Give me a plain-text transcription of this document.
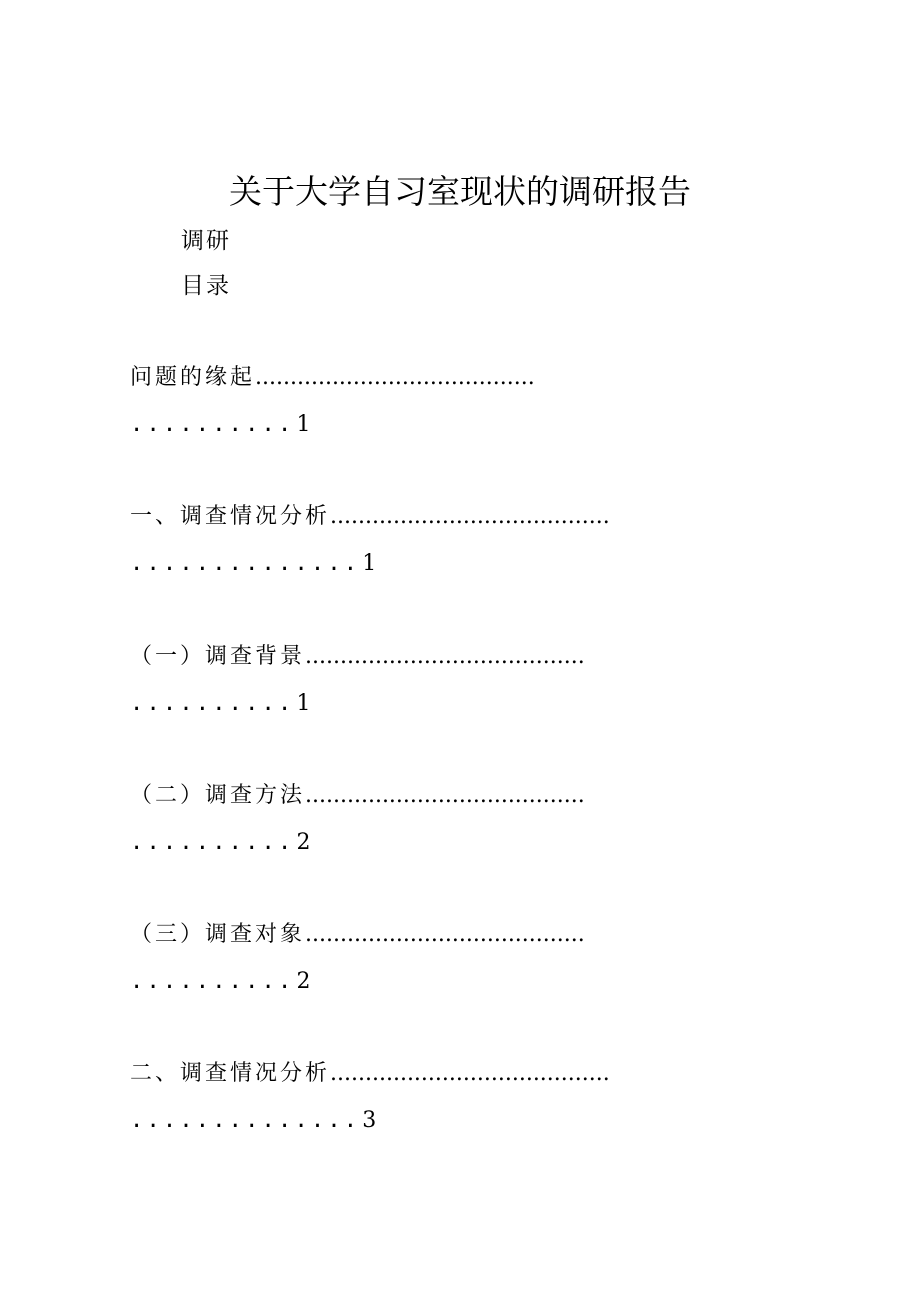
关于大学自习室现状的调研报告
调研
目录
问题的缘起........................................
..........1
一、调查情况分析........................................
..............1
（一）调查背景........................................
..........1
（二）调查方法........................................
..........2
（三）调查对象........................................
..........2
二、调查情况分析........................................
..............3
